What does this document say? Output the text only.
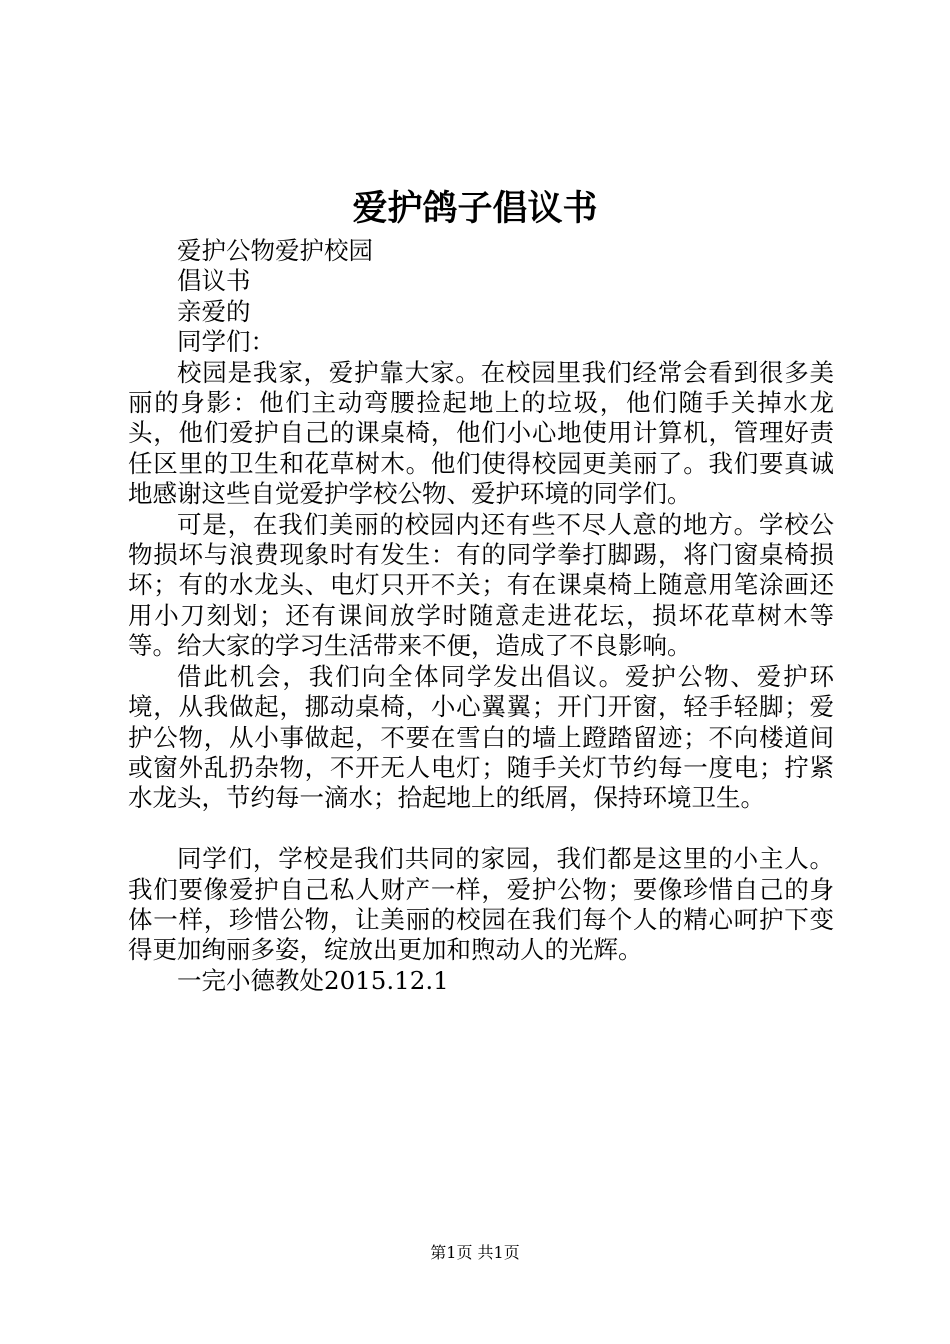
爱护鸽子倡议书

爱护公物爱护校园

倡议书

亲爱的

同学们：

校园是我家，爱护靠大家。在校园里我们经常会看到很多美丽的身影：他们主动弯腰捡起地上的垃圾，他们随手关掉水龙头，他们爱护自己的课桌椅，他们小心地使用计算机，管理好责任区里的卫生和花草树木。他们使得校园更美丽了。我们要真诚地感谢这些自觉爱护学校公物、爱护环境的同学们。

可是，在我们美丽的校园内还有些不尽人意的地方。学校公物损坏与浪费现象时有发生：有的同学拳打脚踢，将门窗桌椅损坏；有的水龙头、电灯只开不关；有在课桌椅上随意用笔涂画还用小刀刻划；还有课间放学时随意走进花坛，损坏花草树木等等。给大家的学习生活带来不便，造成了不良影响。

借此机会，我们向全体同学发出倡议。爱护公物、爱护环境，从我做起，挪动桌椅，小心翼翼；开门开窗，轻手轻脚；爱护公物，从小事做起，不要在雪白的墙上蹬踏留迹；不向楼道间或窗外乱扔杂物，不开无人电灯；随手关灯节约每一度电；拧紧水龙头，节约每一滴水；拾起地上的纸屑，保持环境卫生。

同学们，学校是我们共同的家园，我们都是这里的小主人。我们要像爱护自己私人财产一样，爱护公物；要像珍惜自己的身体一样，珍惜公物，让美丽的校园在我们每个人的精心呵护下变得更加绚丽多姿，绽放出更加和煦动人的光辉。

一完小德教处2015.12.1

第1页 共1页
